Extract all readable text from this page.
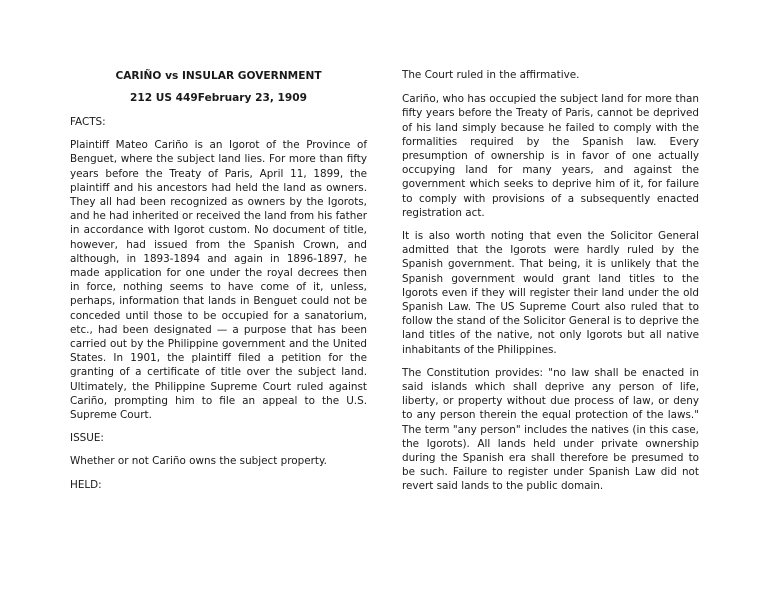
CARIÑO vs INSULAR GOVERNMENT
212 US 449February 23, 1909
FACTS:

Plaintiff Mateo Cariño is an Igorot of the Province of Benguet, where the subject land lies. For more than fifty years before the Treaty of Paris, April 11, 1899, the plaintiff and his ancestors had held the land as owners. They all had been recognized as owners by the Igorots, and he had inherited or received the land from his father in accordance with Igorot custom. No document of title, however, had issued from the Spanish Crown, and although, in 1893-1894 and again in 1896-1897, he made application for one under the royal decrees then in force, nothing seems to have come of it, unless, perhaps, information that lands in Benguet could not be conceded until those to be occupied for a sanatorium, etc., had been designated — a purpose that has been carried out by the Philippine government and the United States. In 1901, the plaintiff filed a petition for the granting of a certificate of title over the subject land. Ultimately, the Philippine Supreme Court ruled against Cariño, prompting him to file an appeal to the U.S. Supreme Court.

ISSUE:

Whether or not Cariño owns the subject property.

HELD:

The Court ruled in the affirmative.

Cariño, who has occupied the subject land for more than fifty years before the Treaty of Paris, cannot be deprived of his land simply because he failed to comply with the formalities required by the Spanish law. Every presumption of ownership is in favor of one actually occupying land for many years, and against the government which seeks to deprive him of it, for failure to comply with provisions of a subsequently enacted registration act.

It is also worth noting that even the Solicitor General admitted that the Igorots were hardly ruled by the Spanish government. That being, it is unlikely that the Spanish government would grant land titles to the Igorots even if they will register their land under the old Spanish Law. The US Supreme Court also ruled that to follow the stand of the Solicitor General is to deprive the land titles of the native, not only Igorots but all native inhabitants of the Philippines.

The Constitution provides: "no law shall be enacted in said islands which shall deprive any person of life, liberty, or property without due process of law, or deny to any person therein the equal protection of the laws." The term "any person" includes the natives (in this case, the Igorots). All lands held under private ownership during the Spanish era shall therefore be presumed to be such. Failure to register under Spanish Law did not revert said lands to the public domain.
